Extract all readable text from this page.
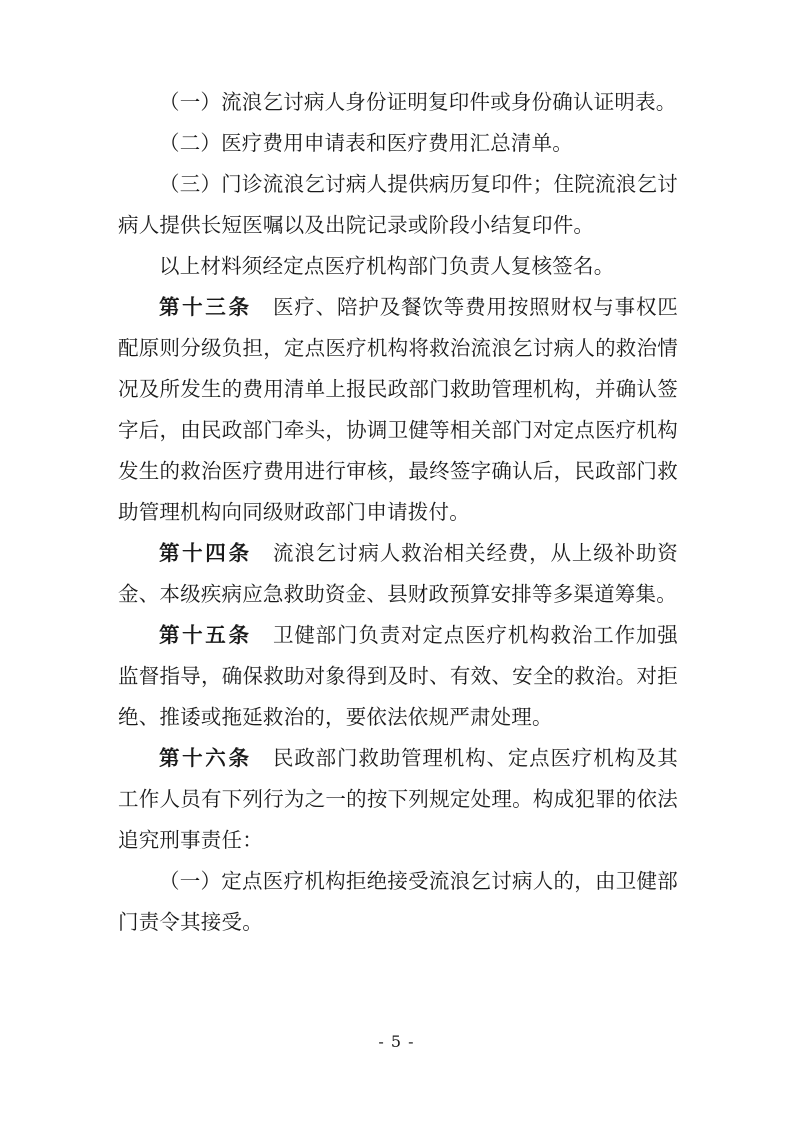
（一）流浪乞讨病人身份证明复印件或身份确认证明表。

（二）医疗费用申请表和医疗费用汇总清单。

（三）门诊流浪乞讨病人提供病历复印件；住院流浪乞讨病人提供长短医嘱以及出院记录或阶段小结复印件。

以上材料须经定点医疗机构部门负责人复核签名。

第十三条　医疗、陪护及餐饮等费用按照财权与事权匹配原则分级负担，定点医疗机构将救治流浪乞讨病人的救治情况及所发生的费用清单上报民政部门救助管理机构，并确认签字后，由民政部门牵头，协调卫健等相关部门对定点医疗机构发生的救治医疗费用进行审核，最终签字确认后，民政部门救助管理机构向同级财政部门申请拨付。

第十四条　流浪乞讨病人救治相关经费，从上级补助资金、本级疾病应急救助资金、县财政预算安排等多渠道筹集。

第十五条　卫健部门负责对定点医疗机构救治工作加强监督指导，确保救助对象得到及时、有效、安全的救治。对拒绝、推诿或拖延救治的，要依法依规严肃处理。

第十六条　民政部门救助管理机构、定点医疗机构及其工作人员有下列行为之一的按下列规定处理。构成犯罪的依法追究刑事责任：

（一）定点医疗机构拒绝接受流浪乞讨病人的，由卫健部门责令其接受。

- 5 -
